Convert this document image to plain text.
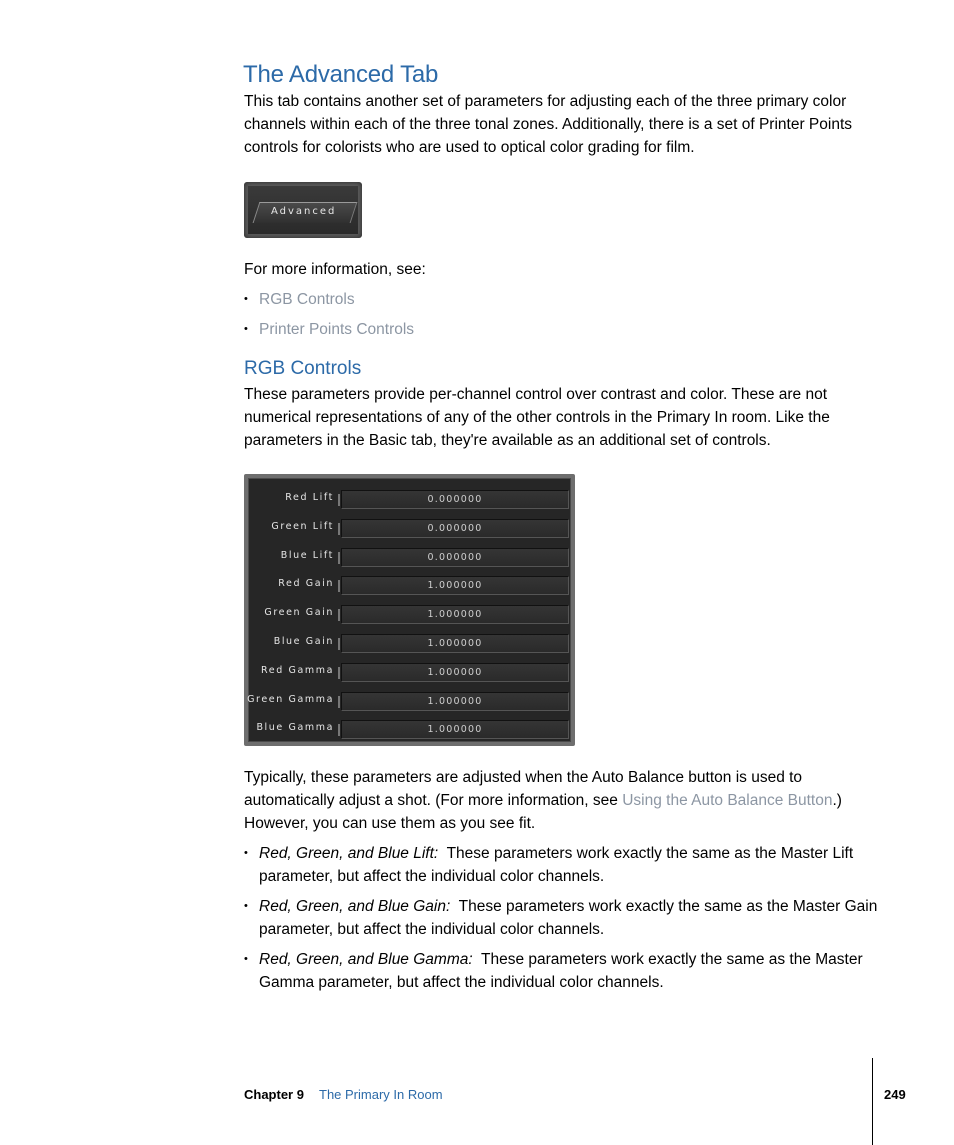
The Advanced Tab

This tab contains another set of parameters for adjusting each of the three primary color channels within each of the three tonal zones. Additionally, there is a set of Printer Points controls for colorists who are used to optical color grading for film.

Advanced

For more information, see:

• RGB Controls
• Printer Points Controls
RGB Controls

These parameters provide per-channel control over contrast and color. These are not numerical representations of any of the other controls in the Primary In room. Like the parameters in the Basic tab, they're available as an additional set of controls.

Red Lift	0.000000
Green Lift	0.000000
Blue Lift	0.000000
Red Gain	1.000000
Green Gain	1.000000
Blue Gain	1.000000
Red Gamma	1.000000
Green Gamma	1.000000
Blue Gamma	1.000000

Typically, these parameters are adjusted when the Auto Balance button is used to automatically adjust a shot. (For more information, see Using the Auto Balance Button.) However, you can use them as you see fit.

• Red, Green, and Blue Lift: These parameters work exactly the same as the Master Lift parameter, but affect the individual color channels.
• Red, Green, and Blue Gain: These parameters work exactly the same as the Master Gain parameter, but affect the individual color channels.
• Red, Green, and Blue Gamma: These parameters work exactly the same as the Master Gamma parameter, but affect the individual color channels.
Chapter 9 The Primary In Room	249
